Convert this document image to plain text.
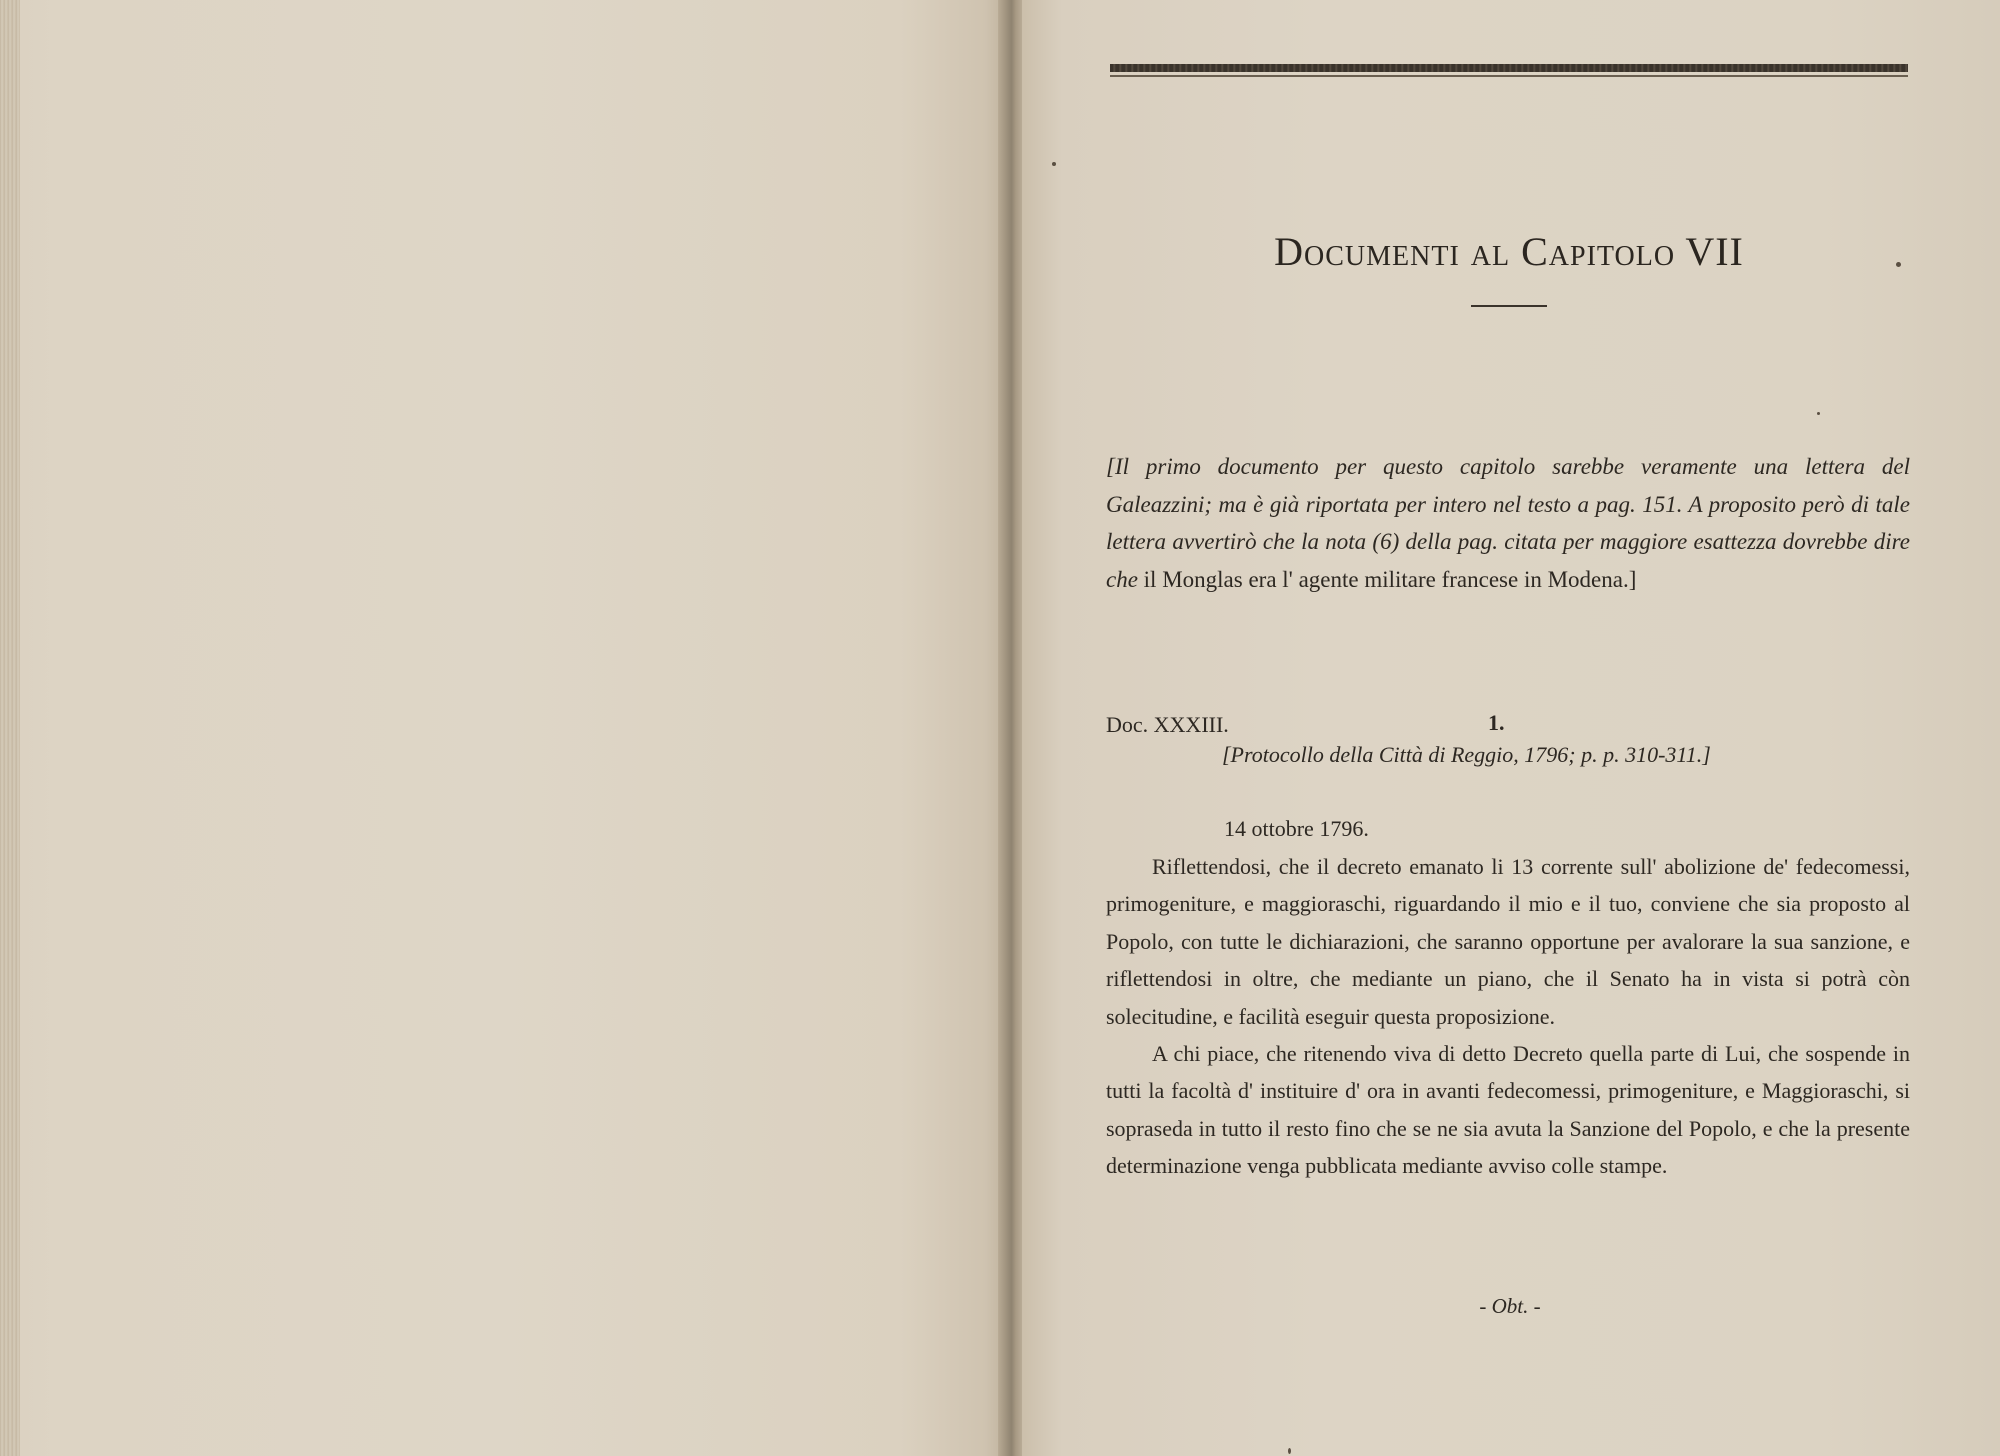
Documenti al Capitolo VII

[Il primo documento per questo capitolo sarebbe veramente una lettera del Galeazzini; ma è già riportata per intero nel testo a pag. 151. A proposito però di tale lettera avvertirò che la nota (6) della pag. citata per maggiore esattezza dovrebbe dire che il Monglas era l' agente militare francese in Modena.]

Doc. XXXIII.	1.
[Protocollo della Città di Reggio, 1796; p. p. 310-311.]
14 ottobre 1796.

Riflettendosi, che il decreto emanato li 13 corrente sull' abolizione de' fedecomessi, primogeniture, e maggioraschi, riguardando il mio e il tuo, conviene che sia proposto al Popolo, con tutte le dichiarazioni, che saranno opportune per avalorare la sua sanzione, e riflettendosi in oltre, che mediante un piano, che il Senato ha in vista si potrà còn solecitudine, e facilità eseguir questa proposizione.

A chi piace, che ritenendo viva di detto Decreto quella parte di Lui, che sospende in tutti la facoltà d' instituire d' ora in avanti fedecomessi, primogeniture, e Maggioraschi, si sopraseda in tutto il resto fino che se ne sia avuta la Sanzione del Popolo, e che la presente determinazione venga pubblicata mediante avviso colle stampe.

- Obt. -
